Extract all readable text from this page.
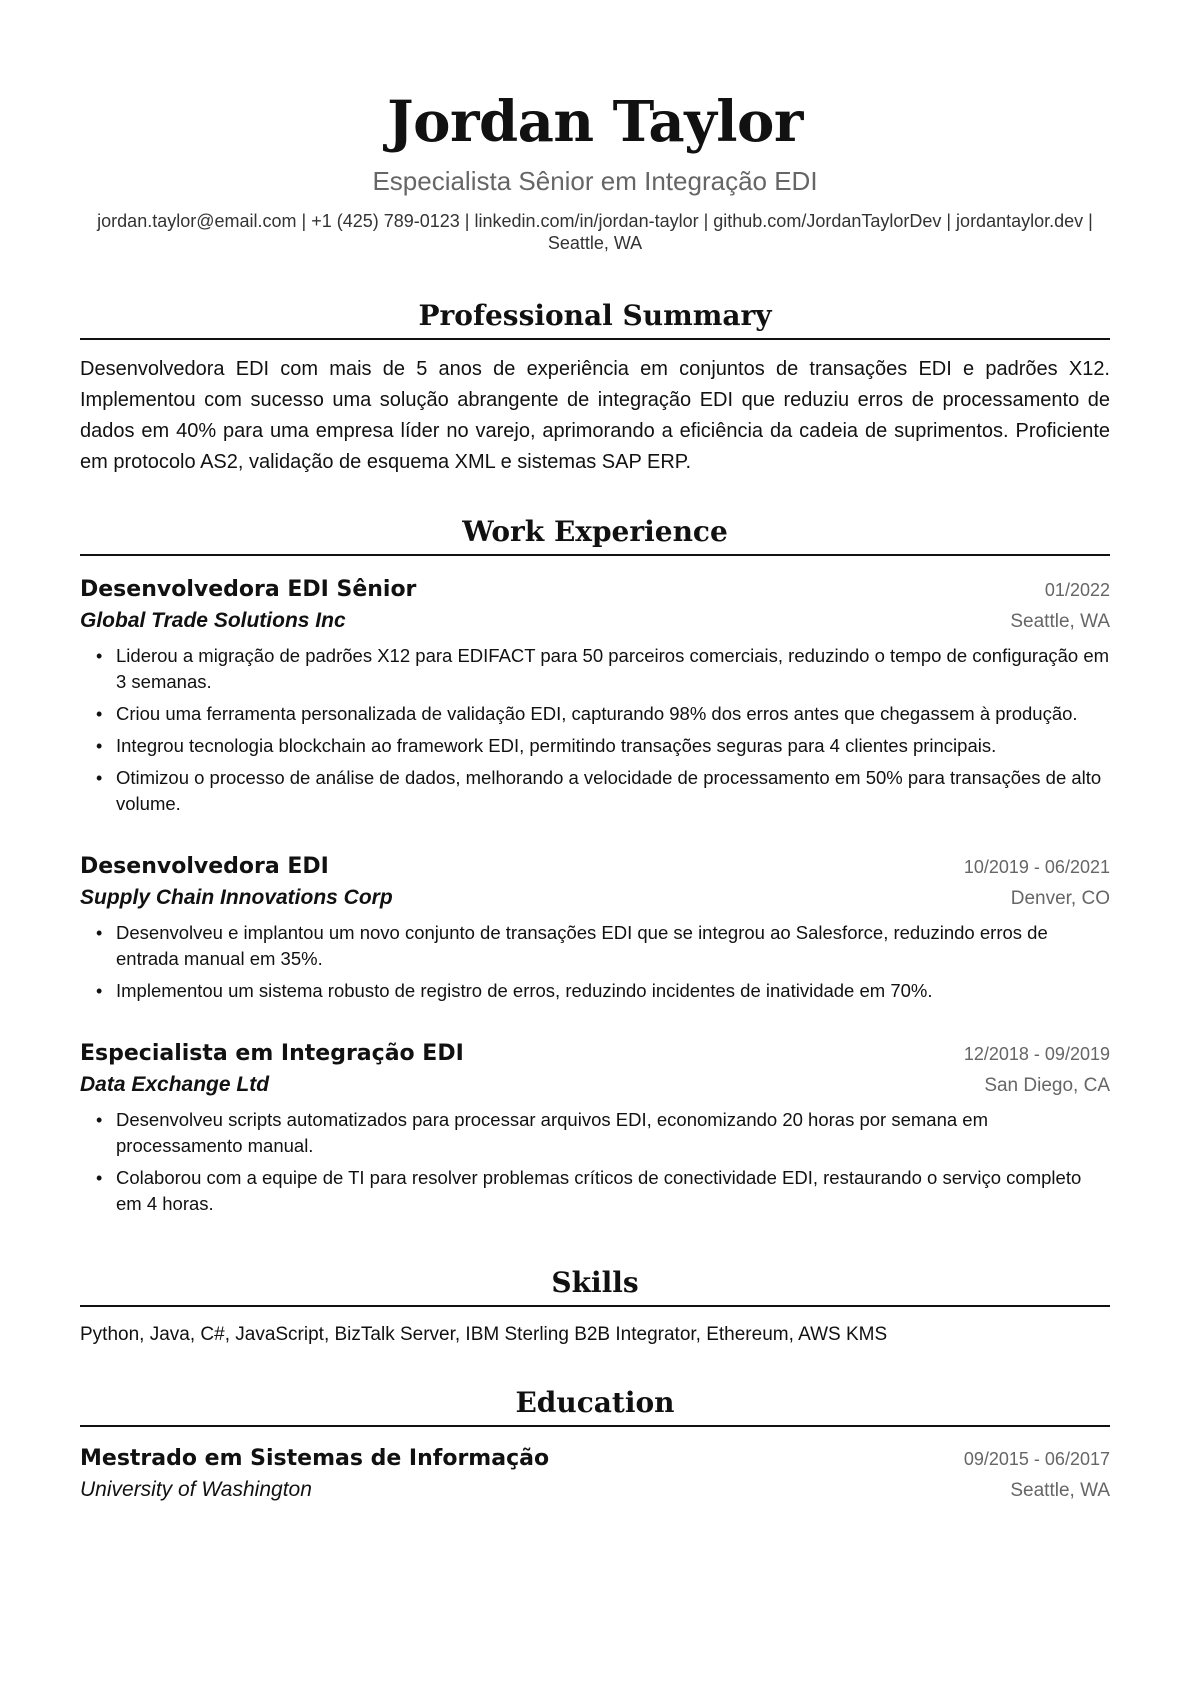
Jordan Taylor
Especialista Sênior em Integração EDI
jordan.taylor@email.com | +1 (425) 789-0123 | linkedin.com/in/jordan-taylor | github.com/JordanTaylorDev | jordantaylor.dev | Seattle, WA
Professional Summary
Desenvolvedora EDI com mais de 5 anos de experiência em conjuntos de transações EDI e padrões X12. Implementou com sucesso uma solução abrangente de integração EDI que reduziu erros de processamento de dados em 40% para uma empresa líder no varejo, aprimorando a eficiência da cadeia de suprimentos. Proficiente em protocolo AS2, validação de esquema XML e sistemas SAP ERP.
Work Experience
Desenvolvedora EDI Sênior	01/2022
Global Trade Solutions Inc	Seattle, WA
• Liderou a migração de padrões X12 para EDIFACT para 50 parceiros comerciais, reduzindo o tempo de configuração em 3 semanas.
• Criou uma ferramenta personalizada de validação EDI, capturando 98% dos erros antes que chegassem à produção.
• Integrou tecnologia blockchain ao framework EDI, permitindo transações seguras para 4 clientes principais.
• Otimizou o processo de análise de dados, melhorando a velocidade de processamento em 50% para transações de alto volume.
Desenvolvedora EDI	10/2019 - 06/2021
Supply Chain Innovations Corp	Denver, CO
• Desenvolveu e implantou um novo conjunto de transações EDI que se integrou ao Salesforce, reduzindo erros de entrada manual em 35%.
• Implementou um sistema robusto de registro de erros, reduzindo incidentes de inatividade em 70%.
Especialista em Integração EDI	12/2018 - 09/2019
Data Exchange Ltd	San Diego, CA
• Desenvolveu scripts automatizados para processar arquivos EDI, economizando 20 horas por semana em processamento manual.
• Colaborou com a equipe de TI para resolver problemas críticos de conectividade EDI, restaurando o serviço completo em 4 horas.
Skills
Python, Java, C#, JavaScript, BizTalk Server, IBM Sterling B2B Integrator, Ethereum, AWS KMS
Education
Mestrado em Sistemas de Informação	09/2015 - 06/2017
University of Washington	Seattle, WA
